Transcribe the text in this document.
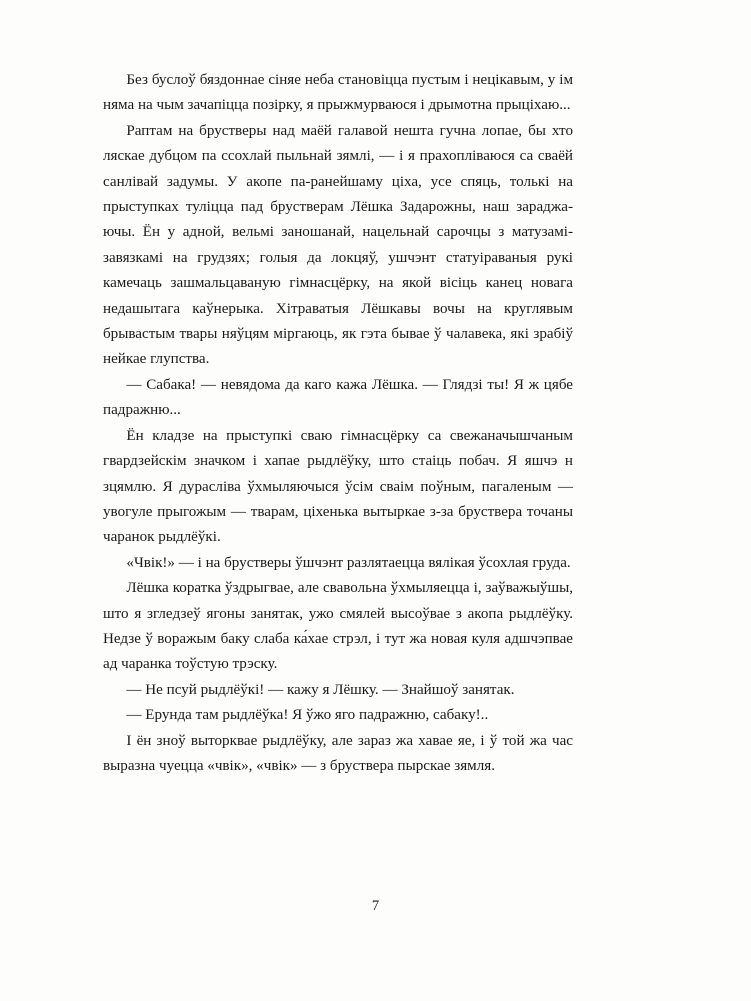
Без буслоў бяздоннае сіняе неба становіцца пустым і нецікавым, у ім няма на чым зачапіцца позірку, я прыжмурваюся і дрымотна прыціхаю...

Раптам на бруствеpы над маёй галавой нешта гучна лопае, бы хто ляскае дубцом па ссохлай пыльнай зямлі, — і я прахоплiваюся са сваёй санлівай задумы. У акопе па-ранейшаму ціха, усе спяць, толькі на прыступках туліцца пад бруствеpам Лёшка Задарожны, наш зараджаючы. Ён у адной, вельмі заношанай, нацельнай сарочцы з матузамі-завязкамі на грудзях; голыя да локцяў, ушчэнт статуіраваныя рукі камечаць зашмальцаваную гімнасцёрку, на якой вісіць канец новага недашытага каўнерыка. Хітраватыя Лёшкавы вочы на круглявым брывастым твары няўцям міргаюць, як гэта бывае ў чалавека, які зрабіў нейкае глупства.

— Сабака! — невядома да каго кажа Лёшка. — Глядзі ты! Я ж цябе падражню...

Ён кладзе на прыступкі сваю гімнасцёрку са свежаначышчаным гвардзейскім значком і хапае рыдлёўку, што стаіць побач. Я яшчэ н зцямлю. Я дурасліва ўхмыляючыся ўсім сваім поўным, пагаленым — увогуле прыгожым — тварам, ціхенька вытыркае з-за бруствеpа точаны чаранок рыдлёўкі.

«Чвік!» — і на бруствеpы ўшчэнт разлятаецца вялікая ўсохлая груда.

Лёшка коратка ўздрыгвае, але свавольна ўхмыляецца і, заўважыўшы, што я зглeдзеў ягоны занятак, ужо смялей высоўвае з акопа рыдлёўку. Недзе ў ворaжым баку слаба ка́хае стрэл, і тут жа новая куля адшчэпвае ад чаранка тоўстую трэску.

— Не псуй рыдлёўкі! — кажу я Лёшку. — Знайшоў занятак.

— Ерунда там рыдлёўка! Я ўжо яго падражню, сабаку!..

І ён зноў выторквае рыдлёўку, але зараз жа хавае яе, і ў той жа час выразна чуецца «чвік», «чвік» — з бруствеpа пырскае зямля.

7
